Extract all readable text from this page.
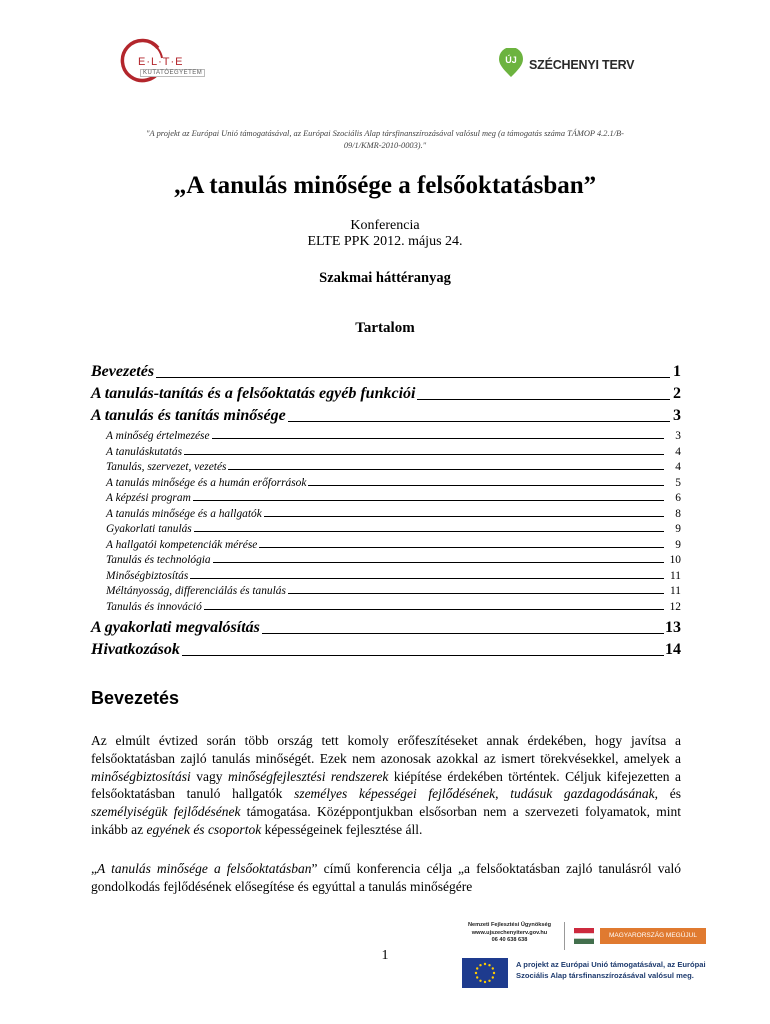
E·L·T·E
KUTATÓEGYETEM
ÚJ SZÉCHENYI TERV
"A projekt az Európai Unió támogatásával, az Európai Szociális Alap társfinanszírozásával valósul meg (a támogatás száma TÁMOP 4.2.1/B-
09/1/KMR-2010-0003)."
„A tanulás minősége a felsőoktatásban”
Konferencia
ELTE PPK 2012. május 24.
Szakmai háttéranyag
Tartalom
Bevezetés	1
A tanulás-tanítás és a felsőoktatás egyéb funkciói	2
A tanulás és tanítás minősége	3
A minőség értelmezése	3
A tanuláskutatás	4
Tanulás, szervezet, vezetés	4
A tanulás minősége és a humán erőforrások	5
A képzési program	6
A tanulás minősége és a hallgatók	8
Gyakorlati tanulás	9
A hallgatói kompetenciák mérése	9
Tanulás és technológia	10
Minőségbiztosítás	11
Méltányosság, differenciálás és tanulás	11
Tanulás és innováció	12
A gyakorlati megvalósítás	13
Hivatkozások	14
Bevezetés
Az elmúlt évtized során több ország tett komoly erőfeszítéseket annak érdekében, hogy javítsa a felsőoktatásban zajló tanulás minőségét. Ezek nem azonosak azokkal az ismert törekvésekkel, amelyek a minőségbiztosítási vagy minőségfejlesztési rendszerek kiépítése érdekében történtek. Céljuk kifejezetten a felsőoktatásban tanuló hallgatók személyes képességei fejlődésének, tudásuk gazdagodásának, és személyiségük fejlődésének támogatása. Középpontjukban elsősorban nem a szervezeti folyamatok, mint inkább az egyének és csoportok képességeinek fejlesztése áll.
„A tanulás minősége a felsőoktatásban” című konferencia célja „a felsőoktatásban zajló tanulásról való gondolkodás fejlődésének elősegítése és egyúttal a tanulás minőségére
1
Nemzeti Fejlesztési Ügynökség
www.ujszechenyiterv.gov.hu
06 40 638 638
MAGYARORSZÁG MEGÚJUL
A projekt az Európai Unió támogatásával, az Európai
Szociális Alap társfinanszírozásával valósul meg.
